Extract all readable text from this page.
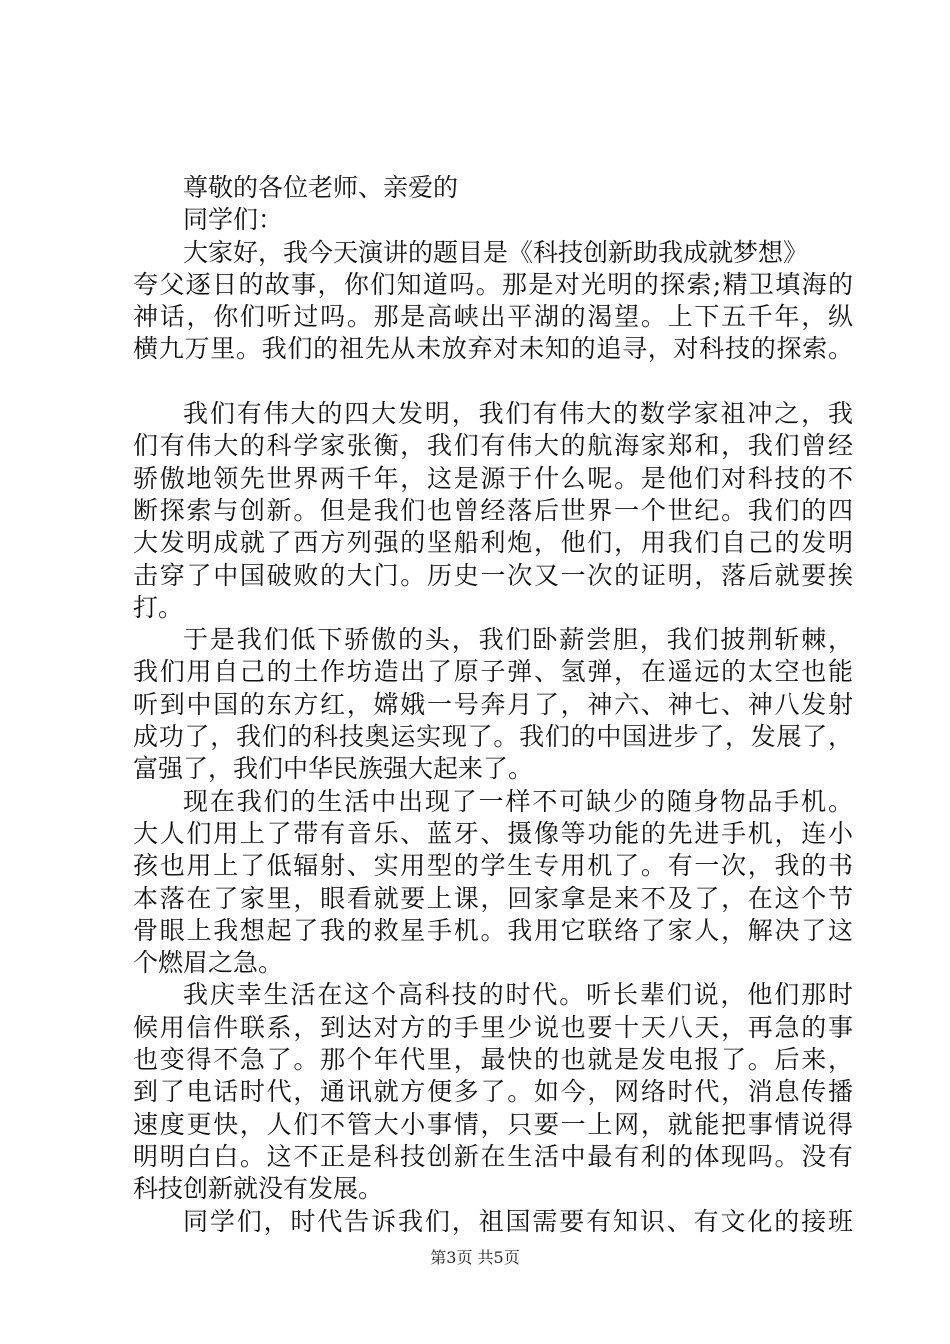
尊敬的各位老师、亲爱的
同学们：
大家好，我今天演讲的题目是《科技创新助我成就梦想》
夸父逐日的故事，你们知道吗。那是对光明的探索;精卫填海的
神话，你们听过吗。那是高峡出平湖的渴望。上下五千年，纵
横九万里。我们的祖先从未放弃对未知的追寻，对科技的探索。
我们有伟大的四大发明，我们有伟大的数学家祖冲之，我
们有伟大的科学家张衡，我们有伟大的航海家郑和，我们曾经
骄傲地领先世界两千年，这是源于什么呢。是他们对科技的不
断探索与创新。但是我们也曾经落后世界一个世纪。我们的四
大发明成就了西方列强的坚船利炮，他们，用我们自己的发明
击穿了中国破败的大门。历史一次又一次的证明，落后就要挨
打。
于是我们低下骄傲的头，我们卧薪尝胆，我们披荆斩棘，
我们用自己的土作坊造出了原子弹、氢弹，在遥远的太空也能
听到中国的东方红，嫦娥一号奔月了，神六、神七、神八发射
成功了，我们的科技奥运实现了。我们的中国进步了，发展了，
富强了，我们中华民族强大起来了。
现在我们的生活中出现了一样不可缺少的随身物品手机。
大人们用上了带有音乐、蓝牙、摄像等功能的先进手机，连小
孩也用上了低辐射、实用型的学生专用机了。有一次，我的书
本落在了家里，眼看就要上课，回家拿是来不及了，在这个节
骨眼上我想起了我的救星手机。我用它联络了家人，解决了这
个燃眉之急。
我庆幸生活在这个高科技的时代。听长辈们说，他们那时
候用信件联系，到达对方的手里少说也要十天八天，再急的事
也变得不急了。那个年代里，最快的也就是发电报了。后来，
到了电话时代，通讯就方便多了。如今，网络时代，消息传播
速度更快，人们不管大小事情，只要一上网，就能把事情说得
明明白白。这不正是科技创新在生活中最有利的体现吗。没有
科技创新就没有发展。
同学们，时代告诉我们，祖国需要有知识、有文化的接班
第3页 共5页
